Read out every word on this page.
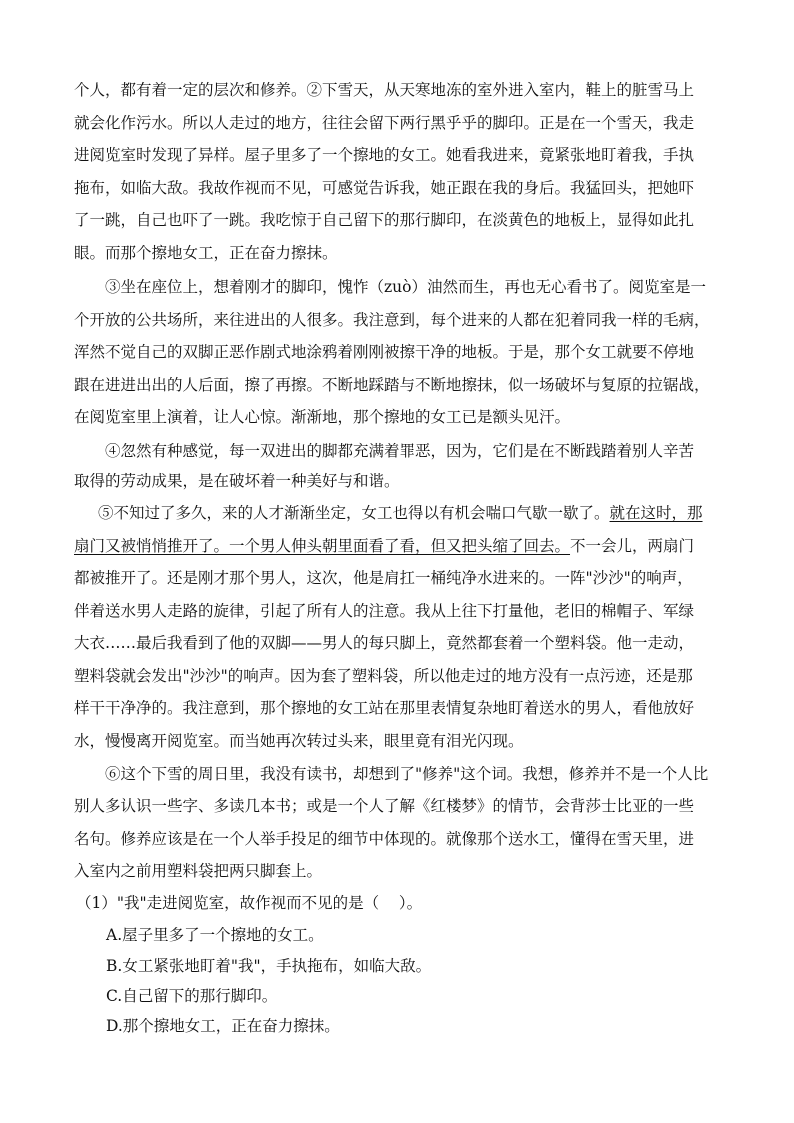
个人，都有着一定的层次和修养。②下雪天，从天寒地冻的室外进入室内，鞋上的脏雪马上
就会化作污水。所以人走过的地方，往往会留下两行黑乎乎的脚印。正是在一个雪天，我走
进阅览室时发现了异样。屋子里多了一个擦地的女工。她看我进来，竟紧张地盯着我，手执
拖布，如临大敌。我故作视而不见，可感觉告诉我，她正跟在我的身后。我猛回头，把她吓
了一跳，自己也吓了一跳。我吃惊于自己留下的那行脚印，在淡黄色的地板上，显得如此扎
眼。而那个擦地女工，正在奋力擦抹。
③坐在座位上，想着刚才的脚印，愧怍（zuò）油然而生，再也无心看书了。阅览室是一
个开放的公共场所，来往进出的人很多。我注意到，每个进来的人都在犯着同我一样的毛病，
浑然不觉自己的双脚正恶作剧式地涂鸦着刚刚被擦干净的地板。于是，那个女工就要不停地
跟在进进出出的人后面，擦了再擦。不断地踩踏与不断地擦抹，似一场破坏与复原的拉锯战，
在阅览室里上演着，让人心惊。渐渐地，那个擦地的女工已是额头见汗。
④忽然有种感觉，每一双进出的脚都充满着罪恶，因为，它们是在不断践踏着别人辛苦
取得的劳动成果，是在破坏着一种美好与和谐。
⑤不知过了多久，来的人才渐渐坐定，女工也得以有机会喘口气歇一歇了。就在这时，那
扇门又被悄悄推开了。一个男人伸头朝里面看了看，但又把头缩了回去。不一会儿，两扇门
都被推开了。还是刚才那个男人，这次，他是肩扛一桶纯净水进来的。一阵"沙沙"的响声，
伴着送水男人走路的旋律，引起了所有人的注意。我从上往下打量他，老旧的棉帽子、军绿
大衣……最后我看到了他的双脚——男人的每只脚上，竟然都套着一个塑料袋。他一走动，
塑料袋就会发出"沙沙"的响声。因为套了塑料袋，所以他走过的地方没有一点污迹，还是那
样干干净净的。我注意到，那个擦地的女工站在那里表情复杂地盯着送水的男人，看他放好
水，慢慢离开阅览室。而当她再次转过头来，眼里竟有泪光闪现。
⑥这个下雪的周日里，我没有读书，却想到了"修养"这个词。我想，修养并不是一个人比
别人多认识一些字、多读几本书；或是一个人了解《红楼梦》的情节，会背莎士比亚的一些
名句。修养应该是在一个人举手投足的细节中体现的。就像那个送水工，懂得在雪天里，进
入室内之前用塑料袋把两只脚套上。
（1）"我"走进阅览室，故作视而不见的是（    ）。
A.屋子里多了一个擦地的女工。
B.女工紧张地盯着"我"，手执拖布，如临大敌。
C.自己留下的那行脚印。
D.那个擦地女工，正在奋力擦抹。
